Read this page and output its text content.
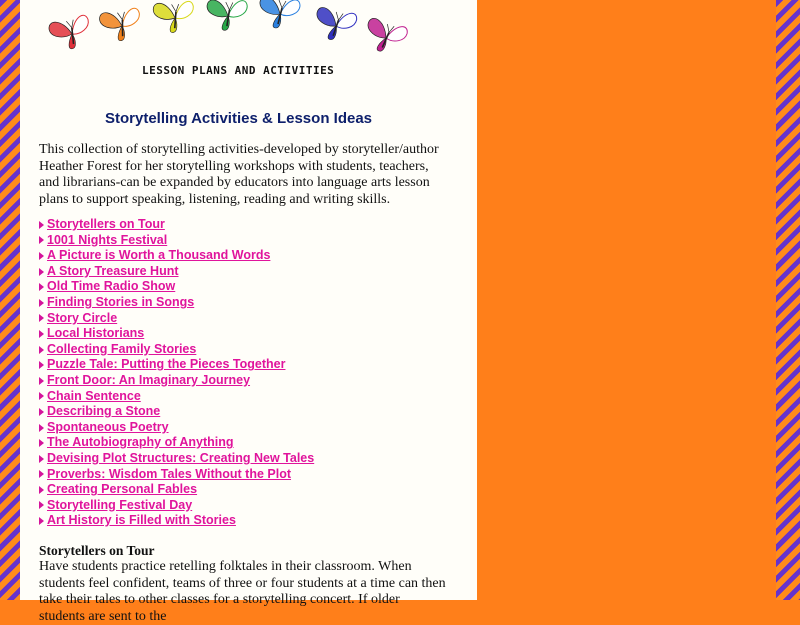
LESSON PLANS AND ACTIVITIES
Storytelling Activities & Lesson Ideas

This collection of storytelling activities-developed by storyteller/author Heather Forest for her storytelling workshops with students, teachers, and librarians-can be expanded by educators into language arts lesson plans to support speaking, listening, reading and writing skills.

Storytellers on Tour
1001 Nights Festival
A Picture is Worth a Thousand Words
A Story Treasure Hunt
Old Time Radio Show
Finding Stories in Songs
Story Circle
Local Historians
Collecting Family Stories
Puzzle Tale: Putting the Pieces Together
Front Door: An Imaginary Journey
Chain Sentence
Describing a Stone
Spontaneous Poetry
The Autobiography of Anything
Devising Plot Structures: Creating New Tales
Proverbs: Wisdom Tales Without the Plot
Creating Personal Fables
Storytelling Festival Day
Art History is Filled with Stories
Storytellers on Tour

Have students practice retelling folktales in their classroom. When students feel confident, teams of three or four students at a time can then take their tales to other classes for a storytelling concert. If older students are sent to the
